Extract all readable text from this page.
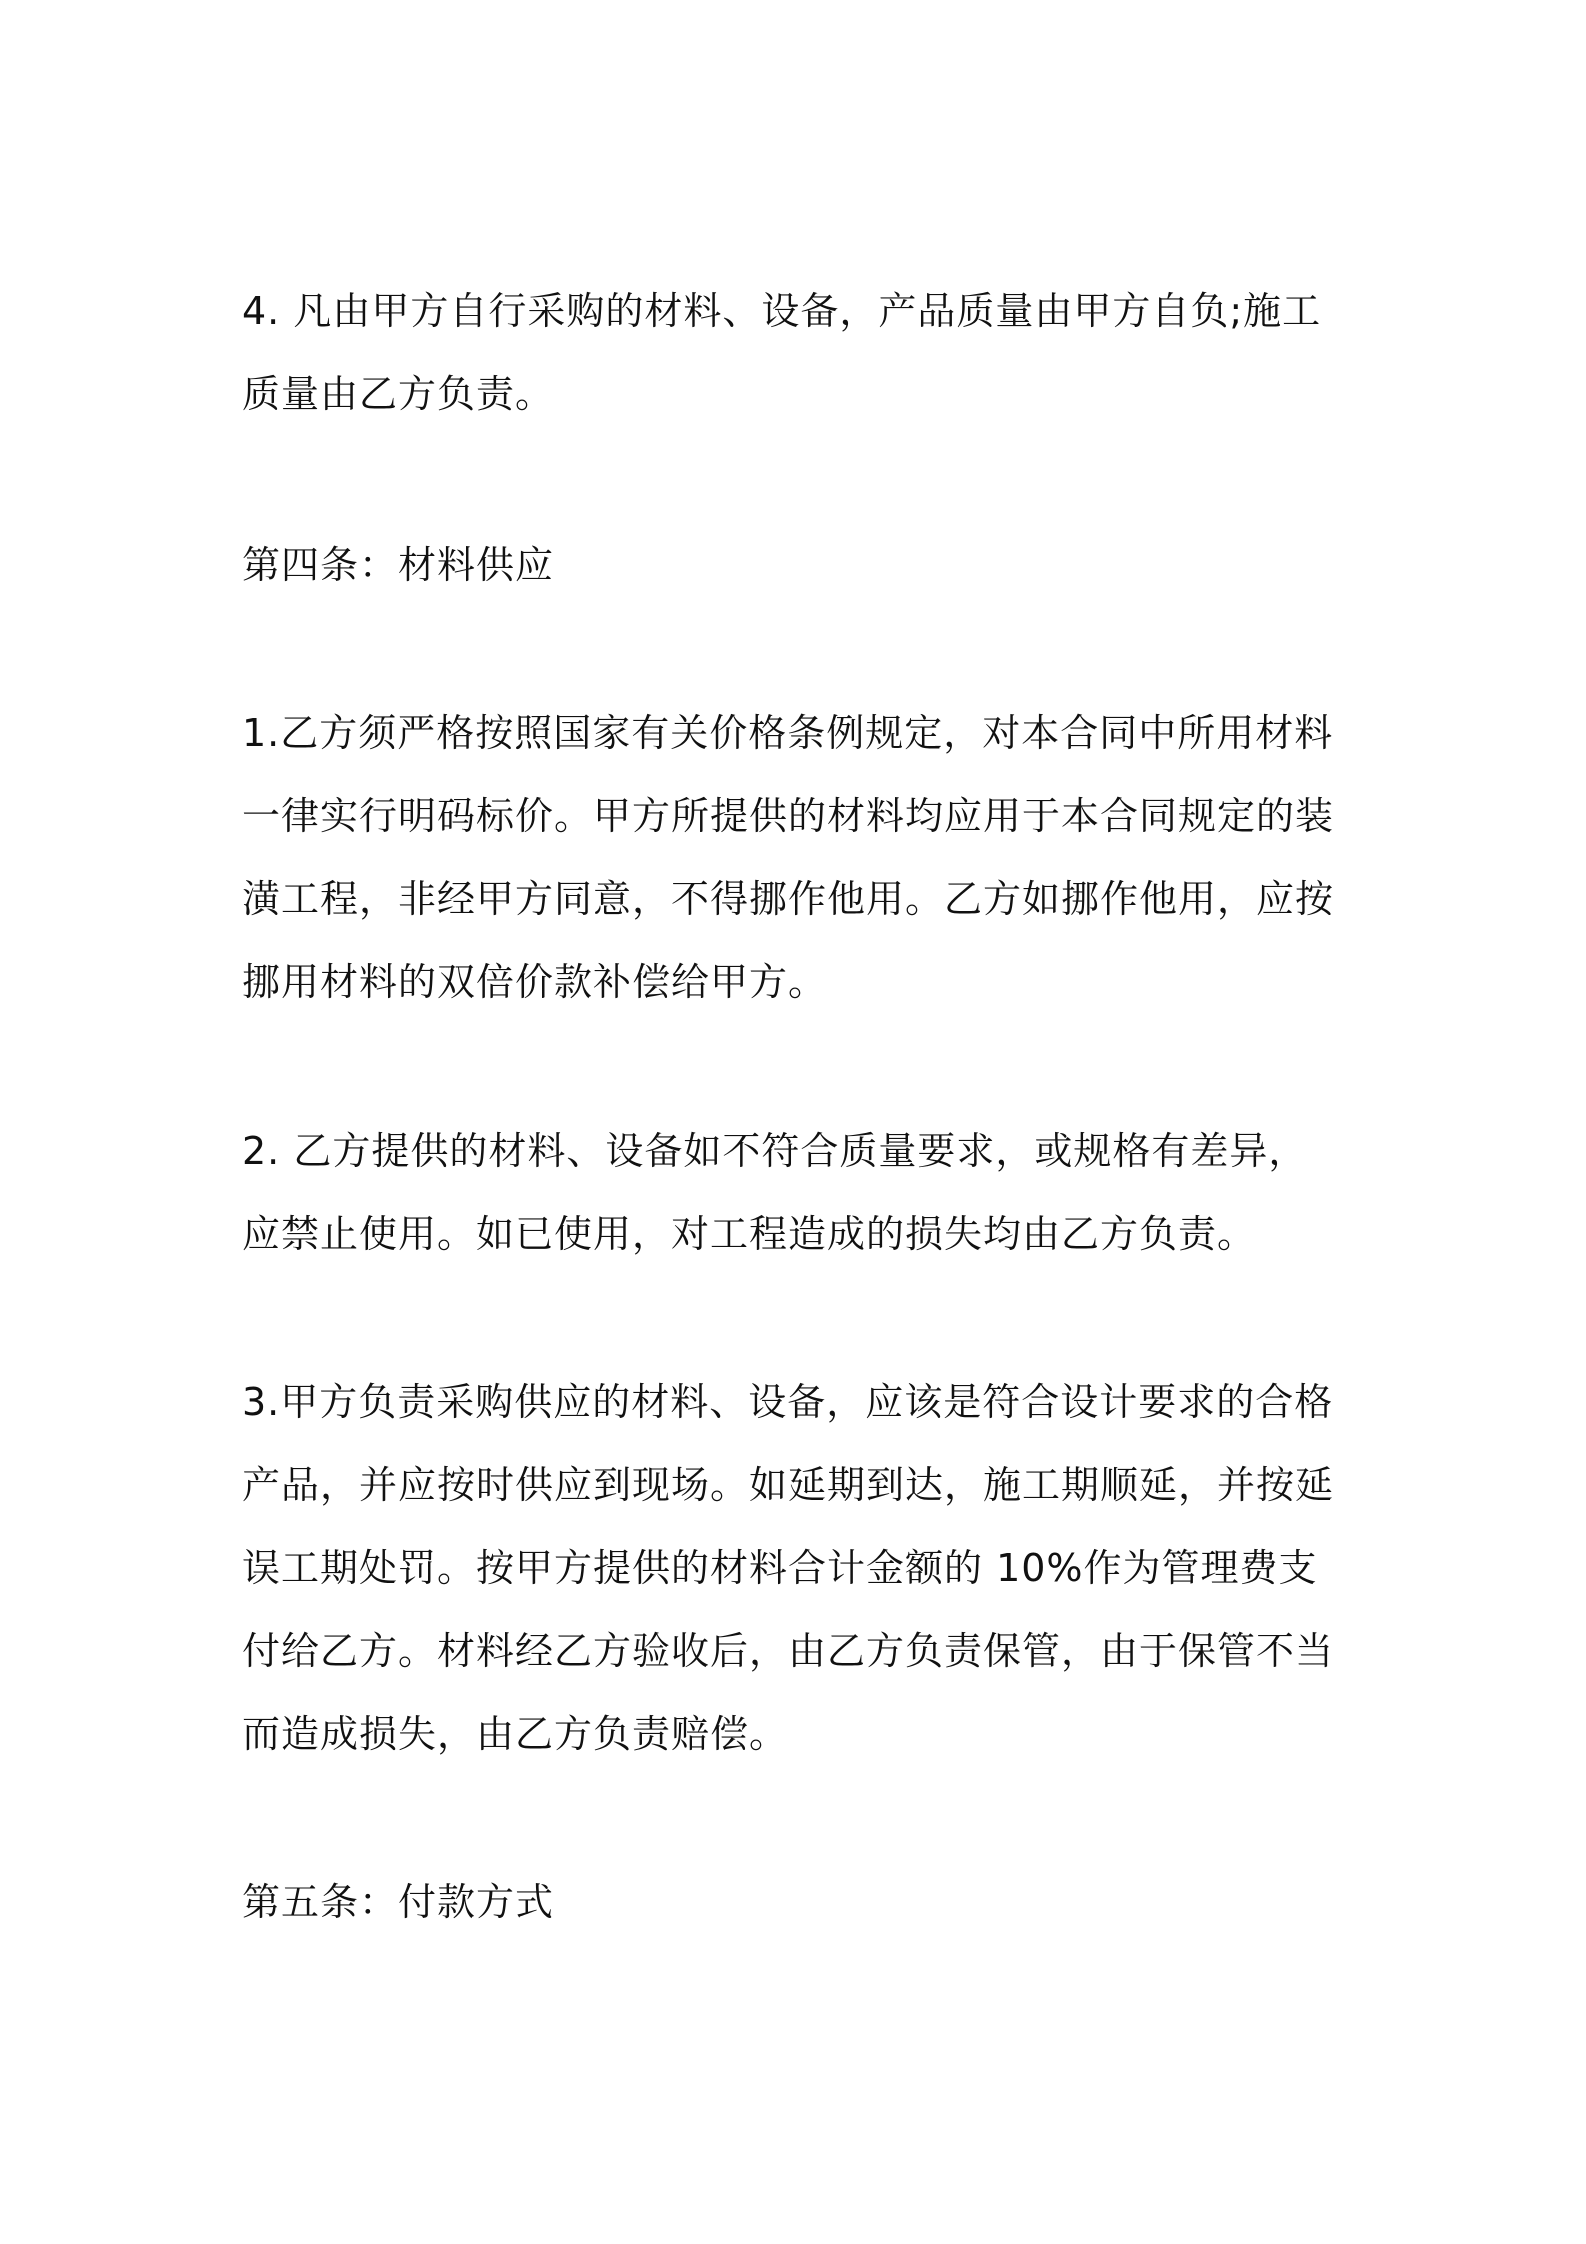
4. 凡由甲方自行采购的材料、设备，产品质量由甲方自负;施工
质量由乙方负责。
第四条：材料供应
1.乙方须严格按照国家有关价格条例规定，对本合同中所用材料
一律实行明码标价。甲方所提供的材料均应用于本合同规定的装
潢工程，非经甲方同意，不得挪作他用。乙方如挪作他用，应按
挪用材料的双倍价款补偿给甲方。
2. 乙方提供的材料、设备如不符合质量要求，或规格有差异，
应禁止使用。如已使用，对工程造成的损失均由乙方负责。
3.甲方负责采购供应的材料、设备，应该是符合设计要求的合格
产品，并应按时供应到现场。如延期到达，施工期顺延，并按延
误工期处罚。按甲方提供的材料合计金额的 10%作为管理费支
付给乙方。材料经乙方验收后，由乙方负责保管，由于保管不当
而造成损失，由乙方负责赔偿。
第五条：付款方式
